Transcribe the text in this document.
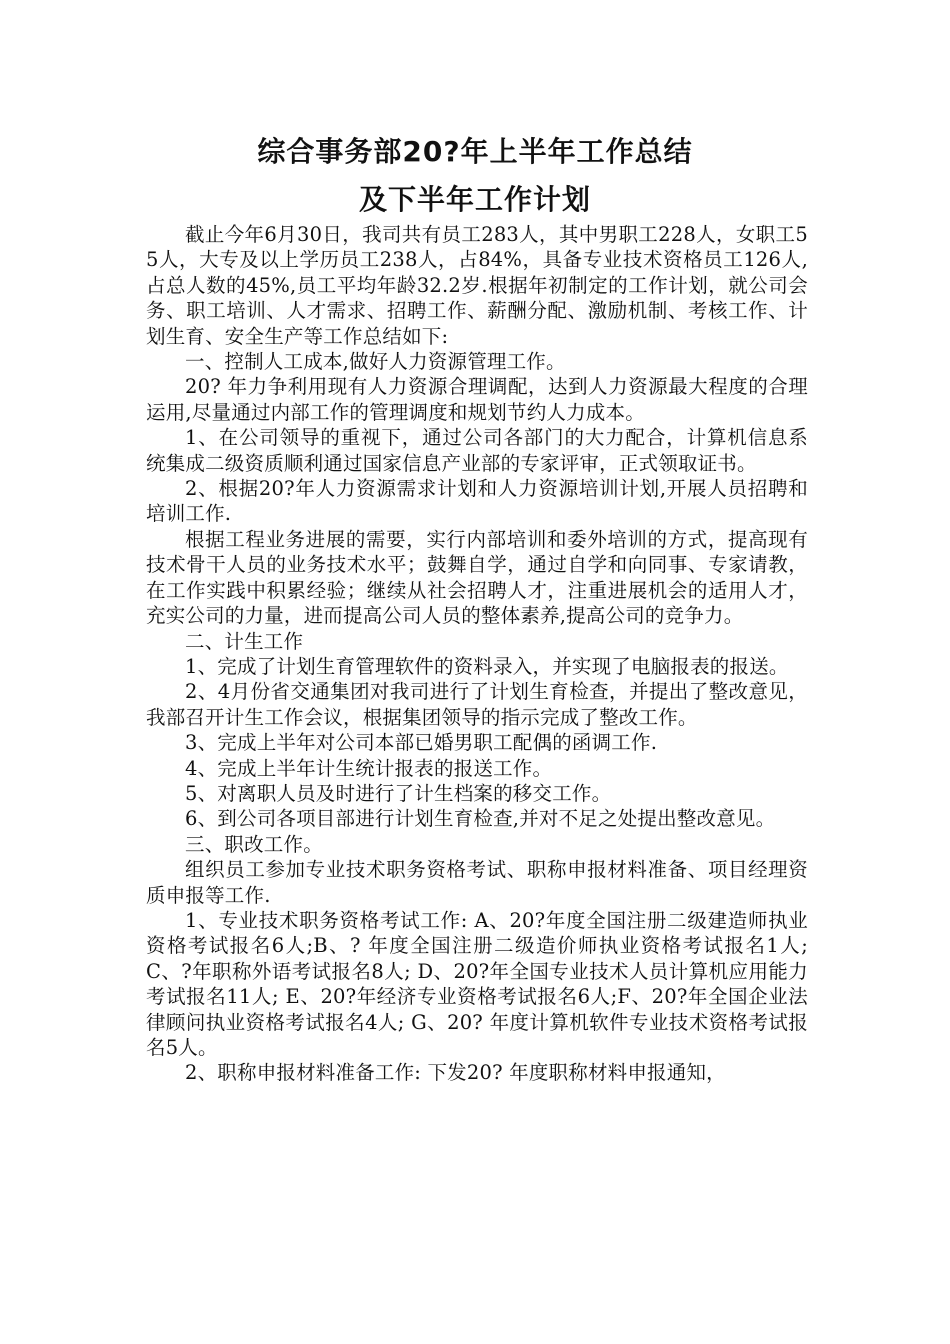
综合事务部20?年上半年工作总结
及下半年工作计划

截止今年6月30日，我司共有员工283人，其中男职工228人，女职工55人，大专及以上学历员工238人，占84%，具备专业技术资格员工126人,占总人数的45%,员工平均年龄32.2岁.根据年初制定的工作计划，就公司会务、职工培训、人才需求、招聘工作、薪酬分配、激励机制、考核工作、计划生育、安全生产等工作总结如下:

一、控制人工成本,做好人力资源管理工作。

20? 年力争利用现有人力资源合理调配，达到人力资源最大程度的合理运用,尽量通过内部工作的管理调度和规划节约人力成本。

1、在公司领导的重视下，通过公司各部门的大力配合，计算机信息系统集成二级资质顺利通过国家信息产业部的专家评审，正式领取证书。

2、根据20?年人力资源需求计划和人力资源培训计划,开展人员招聘和培训工作.

根据工程业务进展的需要，实行内部培训和委外培训的方式，提高现有技术骨干人员的业务技术水平；鼓舞自学，通过自学和向同事、专家请教，在工作实践中积累经验；继续从社会招聘人才，注重进展机会的适用人才，充实公司的力量，进而提高公司人员的整体素养,提高公司的竞争力。

二、计生工作

1、完成了计划生育管理软件的资料录入，并实现了电脑报表的报送。

2、4月份省交通集团对我司进行了计划生育检查，并提出了整改意见，我部召开计生工作会议，根据集团领导的指示完成了整改工作。

3、完成上半年对公司本部已婚男职工配偶的函调工作.

4、完成上半年计生统计报表的报送工作。

5、对离职人员及时进行了计生档案的移交工作。

6、到公司各项目部进行计划生育检查,并对不足之处提出整改意见。

三、职改工作。

组织员工参加专业技术职务资格考试、职称申报材料准备、项目经理资质申报等工作.

1、专业技术职务资格考试工作: A、20?年度全国注册二级建造师执业资格考试报名6人;B、? 年度全国注册二级造价师执业资格考试报名1人; C、?年职称外语考试报名8人; D、20?年全国专业技术人员计算机应用能力考试报名11人; E、20?年经济专业资格考试报名6人;F、20?年全国企业法律顾问执业资格考试报名4人; G、20? 年度计算机软件专业技术资格考试报名5人。

2、职称申报材料准备工作: 下发20? 年度职称材料申报通知，
